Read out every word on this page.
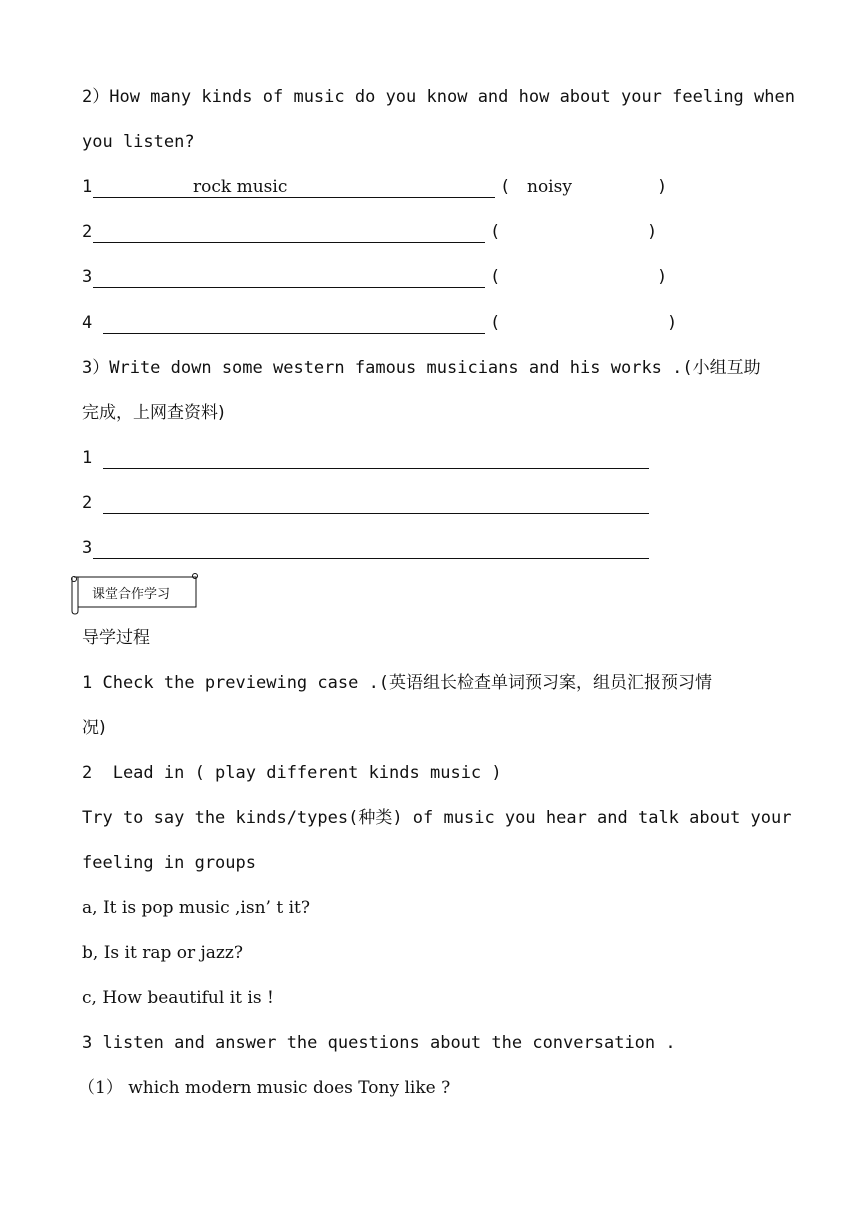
2）How many kinds of music do you know and how about your feeling when
you listen?
1	rock music	( noisy	)
2	(	)
3	(	)
4	(	)
3）Write down some western famous musicians and his works .(小组互助
完成，上网查资料)
1
2
3
课堂合作学习
导学过程
1 Check the previewing case .(英语组长检查单词预习案，组员汇报预习情
况)
2  Lead in ( play different kinds music )
Try to say the kinds/types(种类) of music you hear and talk about your
feeling in groups
a, It is pop music ,isn’ t it?
b, Is it rap or jazz?
c, How beautiful it is !
3 listen and answer the questions about the conversation .
（1） which modern music does Tony like ?
